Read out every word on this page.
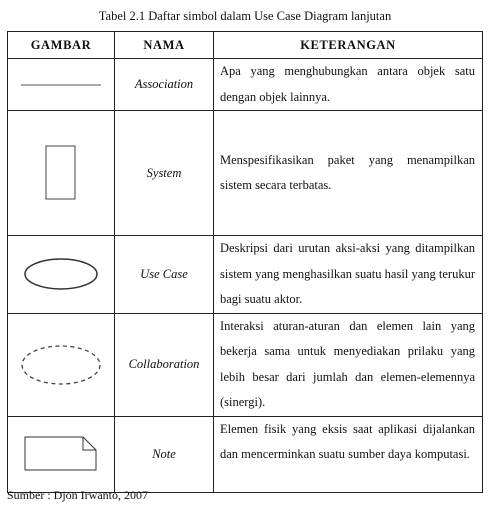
Tabel 2.1 Daftar simbol dalam Use Case Diagram lanjutan
GAMBAR	NAMA	KETERANGAN

	Association	Apa yang menghubungkan antara objek satu dengan objek lainnya.

	System	Menspesifikasikan paket yang menampilkan sistem secara terbatas.

	Use Case	Deskripsi dari urutan aksi-aksi yang ditampilkan sistem yang menghasilkan suatu hasil yang terukur bagi suatu aktor.

	Collaboration	Interaksi aturan-aturan dan elemen lain yang bekerja sama untuk menyediakan prilaku yang lebih besar dari jumlah dan elemen-elemennya (sinergi).

	Note	Elemen fisik yang eksis saat aplikasi dijalankan dan mencerminkan suatu sumber daya komputasi.
Sumber : Djon Irwanto, 2007
